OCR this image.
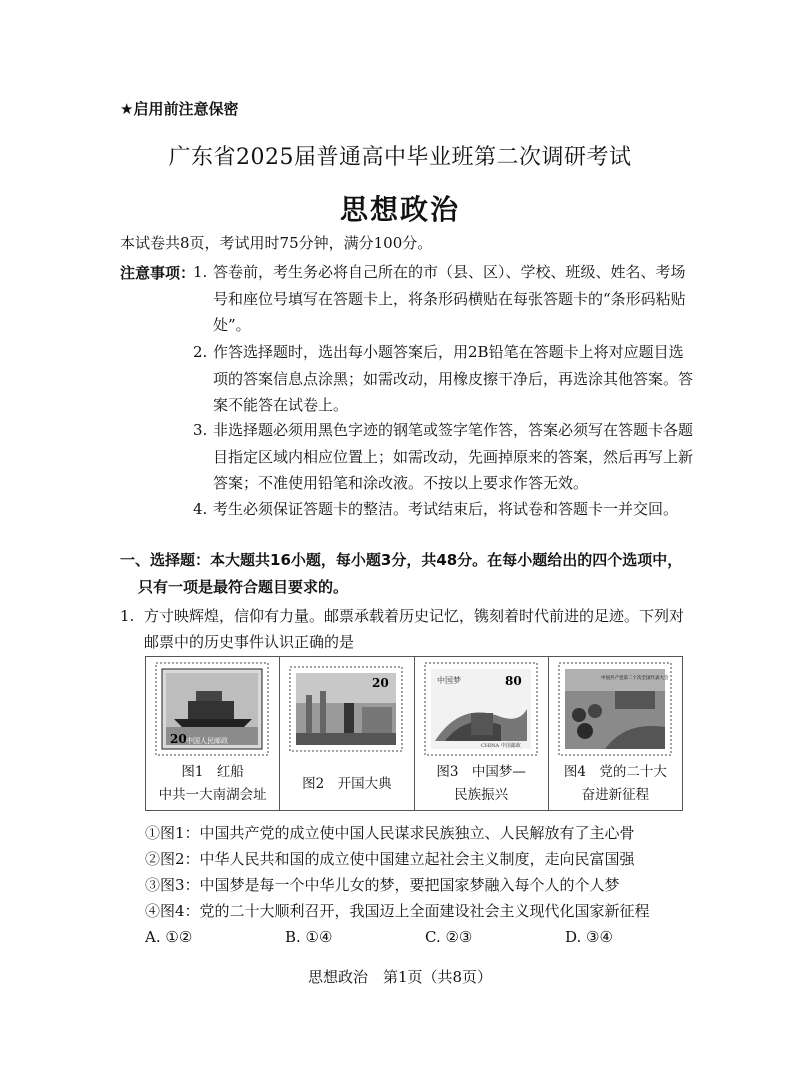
★启用前注意保密
广东省2025届普通高中毕业班第二次调研考试
思想政治
本试卷共8页，考试用时75分钟，满分100分。
注意事项：
1. 答卷前，考生务必将自己所在的市（县、区）、学校、班级、姓名、考场号和座位号填写在答题卡上，将条形码横贴在每张答题卡的“条形码粘贴处”。
2. 作答选择题时，选出每小题答案后，用2B铅笔在答题卡上将对应题目选项的答案信息点涂黑；如需改动，用橡皮擦干净后，再选涂其他答案。答案不能答在试卷上。
3. 非选择题必须用黑色字迹的钢笔或签字笔作答，答案必须写在答题卡各题目指定区域内相应位置上；如需改动，先画掉原来的答案，然后再写上新答案；不准使用铅笔和涂改液。不按以上要求作答无效。
4. 考生必须保证答题卡的整洁。考试结束后，将试卷和答题卡一并交回。
一、选择题：本大题共16小题，每小题3分，共48分。在每小题给出的四个选项中，
只有一项是最符合题目要求的。
1. 方寸映辉煌，信仰有力量。邮票承载着历史记忆，镌刻着时代前进的足迹。下列对邮票中的历史事件认识正确的是
20 中国人民邮政
图1　红船
中共一大南湖会址
20
图2　开国大典
中国梦	80
CHINA 中国邮政
图3　中国梦—
民族振兴
中国共产党第二十次全国代表大会
图4　党的二十大
奋进新征程
①图1：中国共产党的成立使中国人民谋求民族独立、人民解放有了主心骨
②图2：中华人民共和国的成立使中国建立起社会主义制度，走向民富国强
③图3：中国梦是每一个中华儿女的梦，要把国家梦融入每个人的个人梦
④图4：党的二十大顺利召开，我国迈上全面建设社会主义现代化国家新征程
A. ①②	B. ①④	C. ②③	D. ③④
思想政治　第1页（共8页）
